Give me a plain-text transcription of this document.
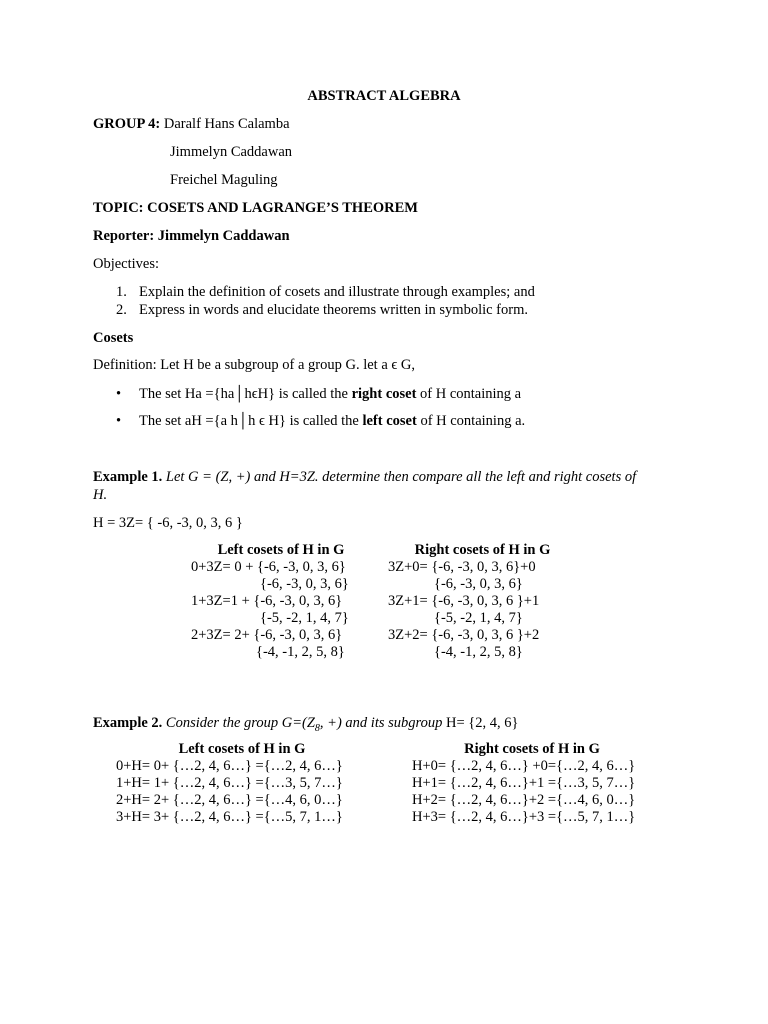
ABSTRACT ALGEBRA
GROUP 4: Daralf Hans Calamba
Jimmelyn Caddawan
Freichel Maguling
TOPIC: COSETS AND LAGRANGE’S THEOREM
Reporter: Jimmelyn Caddawan
Objectives:
1. Explain the definition of cosets and illustrate through examples; and
2. Express in words and elucidate theorems written in symbolic form.
Cosets
Definition: Let H be a subgroup of a group G. let a ϵ G,
• The set Ha ={ha│hϵH} is called the right coset of H containing a
• The set aH ={a h│h ϵ H} is called the left coset of H containing a.
Example 1. Let G = (Z, +) and H=3Z. determine then compare all the left and right cosets of
H.
H = 3Z= { -6, -3, 0, 3, 6 }
Left cosets of H in G	Right cosets of H in G
0+3Z= 0 + {-6, -3, 0, 3, 6}
{-6, -3, 0, 3, 6}
1+3Z=1 + {-6, -3, 0, 3, 6}
{-5, -2, 1, 4, 7}
2+3Z= 2+ {-6, -3, 0, 3, 6}
{-4, -1, 2, 5, 8}
3Z+0= {-6, -3, 0, 3, 6}+0
{-6, -3, 0, 3, 6}
3Z+1= {-6, -3, 0, 3, 6 }+1
{-5, -2, 1, 4, 7}
3Z+2= {-6, -3, 0, 3, 6 }+2
{-4, -1, 2, 5, 8}
Example 2. Consider the group $G=(Z_8$, +) and its subgroup H= {2, 4, 6}
Left cosets of H in G	Right cosets of H in G
0+H= 0+ {…2, 4, 6…} ={…2, 4, 6…}
1+H= 1+ {…2, 4, 6…} ={…3, 5, 7…}
2+H= 2+ {…2, 4, 6…} ={…4, 6, 0…}
3+H= 3+ {…2, 4, 6…} ={…5, 7, 1…}
H+0= {…2, 4, 6…} +0={…2, 4, 6…}
H+1= {…2, 4, 6…}+1 ={…3, 5, 7…}
H+2= {…2, 4, 6…}+2 ={…4, 6, 0…}
H+3= {…2, 4, 6…}+3 ={…5, 7, 1…}
